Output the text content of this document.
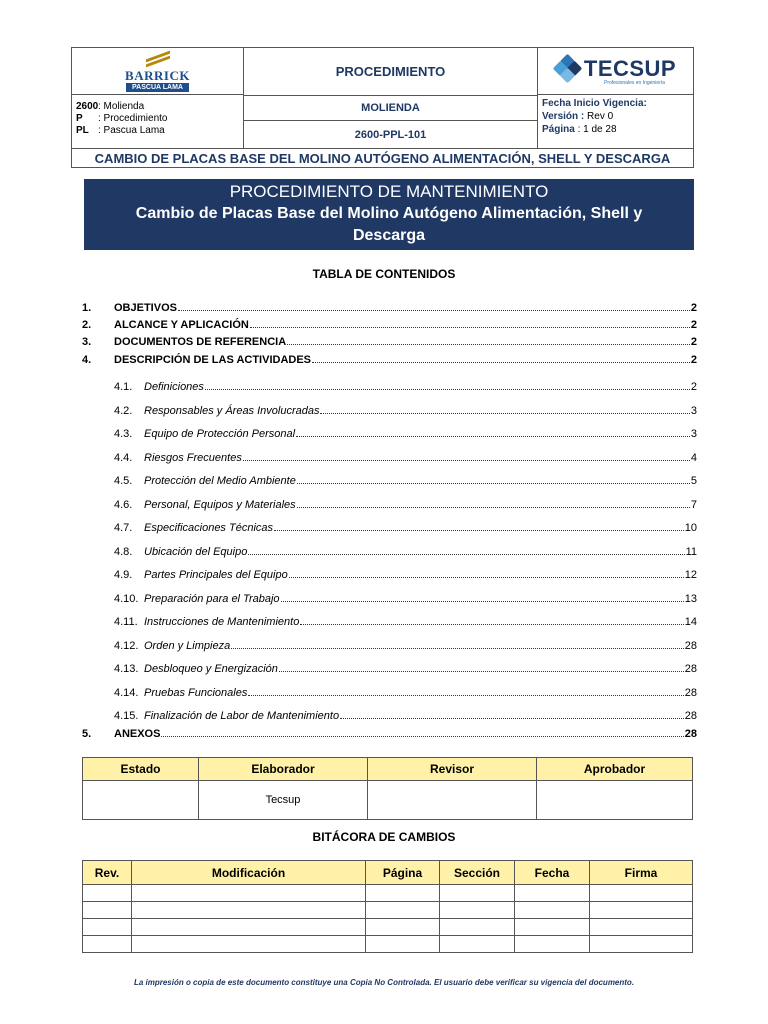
BARRICK
PASCUA LAMA
2600 : Molienda
P	: Procedimiento
PL : Pascua Lama
PROCEDIMIENTO
MOLIENDA
2600-PPL-101
TECSUP
Profesionales en Ingeniería
Fecha Inicio Vigencia:
Versión : Rev 0
Página : 1 de 28
CAMBIO DE PLACAS BASE DEL MOLINO AUTÓGENO ALIMENTACIÓN, SHELL Y DESCARGA
PROCEDIMIENTO DE MANTENIMIENTO
Cambio de Placas Base del Molino Autógeno Alimentación, Shell y Descarga
TABLA DE CONTENIDOS
1.	OBJETIVOS	2
2.	ALCANCE Y APLICACIÓN	2
3.	DOCUMENTOS DE REFERENCIA	2
4.	DESCRIPCIÓN DE LAS ACTIVIDADES	2
4.1.	Definiciones	2
4.2.	Responsables y Áreas Involucradas	3
4.3.	Equipo de Protección Personal	3
4.4.	Riesgos Frecuentes	4
4.5.	Protección del Medio Ambiente	5
4.6.	Personal, Equipos y Materiales	7
4.7.	Especificaciones Técnicas	10
4.8.	Ubicación del Equipo	11
4.9.	Partes Principales del Equipo	12
4.10. Preparación para el Trabajo	13
4.11. Instrucciones de Mantenimiento	14
4.12. Orden y Limpieza	28
4.13. Desbloqueo y Energización	28
4.14. Pruebas Funcionales	28
4.15. Finalización de Labor de Mantenimiento	28
5.	ANEXOS	28
Estado	Elaborador	Revisor	Aprobador
	Tecsup		
BITÁCORA DE CAMBIOS
Rev.	Modificación	Página	Sección	Fecha	Firma

La impresión o copia de este documento constituye una Copia No Controlada. El usuario debe verificar su vigencia del documento.
